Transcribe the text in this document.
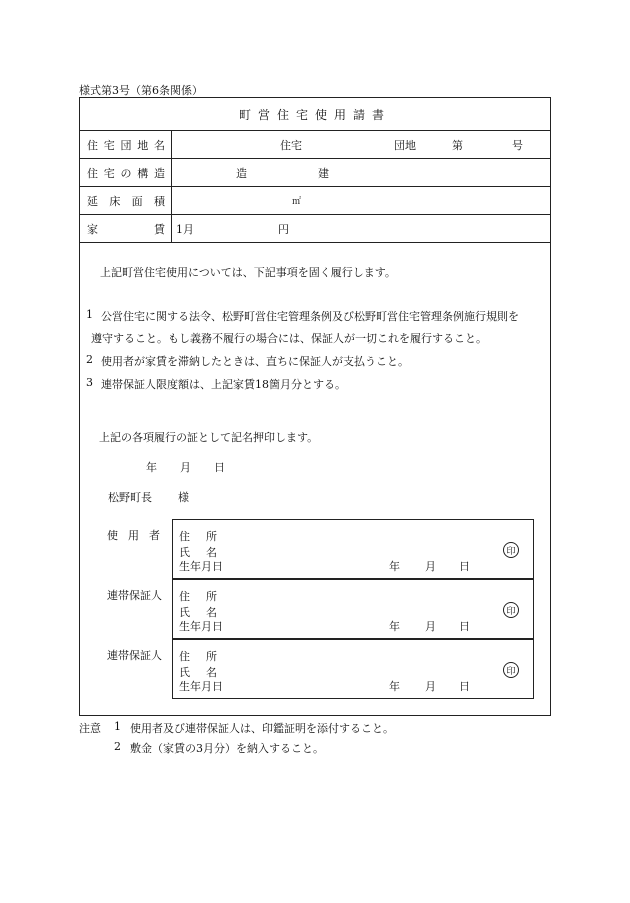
様式第3号（第6条関係）
町営住宅使用請書
住宅団地名	住宅	団地	第	号
住宅の構造	造	建
延床面積	㎡
家賃 1月	円
上記町営住宅使用については、下記事項を固く履行します。
1 公営住宅に関する法令、松野町営住宅管理条例及び松野町営住宅管理条例施行規則を
遵守すること。もし義務不履行の場合には、保証人が一切これを履行すること。
2 使用者が家賃を滞納したときは、直ちに保証人が支払うこと。
3 連帯保証人限度額は、上記家賃18箇月分とする。
上記の各項履行の証として記名押印します。
年 月 日
松野町長 様
使用者 住所
氏名
生年月日	年 月 日
印
連帯保証人 住所
氏名
生年月日	年 月 日
印
連帯保証人 住所
氏名
生年月日	年 月 日
印
注意 1 使用者及び連帯保証人は、印鑑証明を添付すること。
2 敷金（家賃の3月分）を納入すること。
